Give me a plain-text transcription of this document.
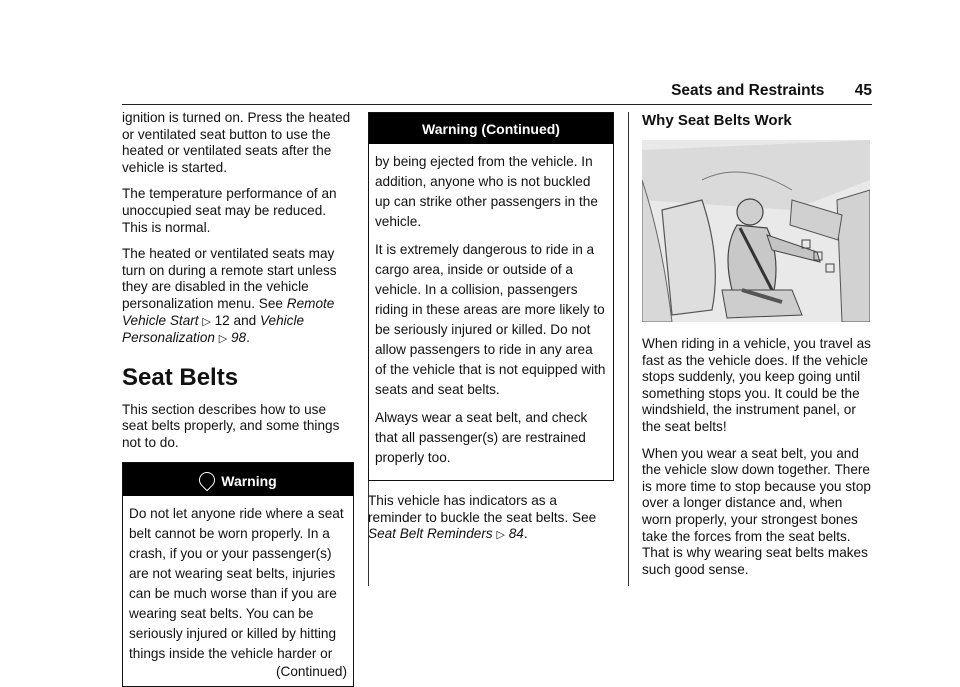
Seats and Restraints 45

ignition is turned on. Press the heated or ventilated seat button to use the heated or ventilated seats after the vehicle is started.

The temperature performance of an unoccupied seat may be reduced. This is normal.

The heated or ventilated seats may turn on during a remote start unless they are disabled in the vehicle personalization menu. See Remote Vehicle Start ▷ 12 and Vehicle Personalization ▷ 98.

Seat Belts

This section describes how to use seat belts properly, and some things not to do.

Warning
Do not let anyone ride where a seat belt cannot be worn properly. In a crash, if you or your passenger(s) are not wearing seat belts, injuries can be much worse than if you are wearing seat belts. You can be seriously injured or killed by hitting things inside the vehicle harder or
(Continued)
Warning (Continued)

by being ejected from the vehicle. In addition, anyone who is not buckled up can strike other passengers in the vehicle.

It is extremely dangerous to ride in a cargo area, inside or outside of a vehicle. In a collision, passengers riding in these areas are more likely to be seriously injured or killed. Do not allow passengers to ride in any area of the vehicle that is not equipped with seats and seat belts.

Always wear a seat belt, and check that all passenger(s) are restrained properly too.

This vehicle has indicators as a reminder to buckle the seat belts. See Seat Belt Reminders ▷ 84.

Why Seat Belts Work

When riding in a vehicle, you travel as fast as the vehicle does. If the vehicle stops suddenly, you keep going until something stops you. It could be the windshield, the instrument panel, or the seat belts!

When you wear a seat belt, you and the vehicle slow down together. There is more time to stop because you stop over a longer distance and, when worn properly, your strongest bones take the forces from the seat belts. That is why wearing seat belts makes such good sense.
